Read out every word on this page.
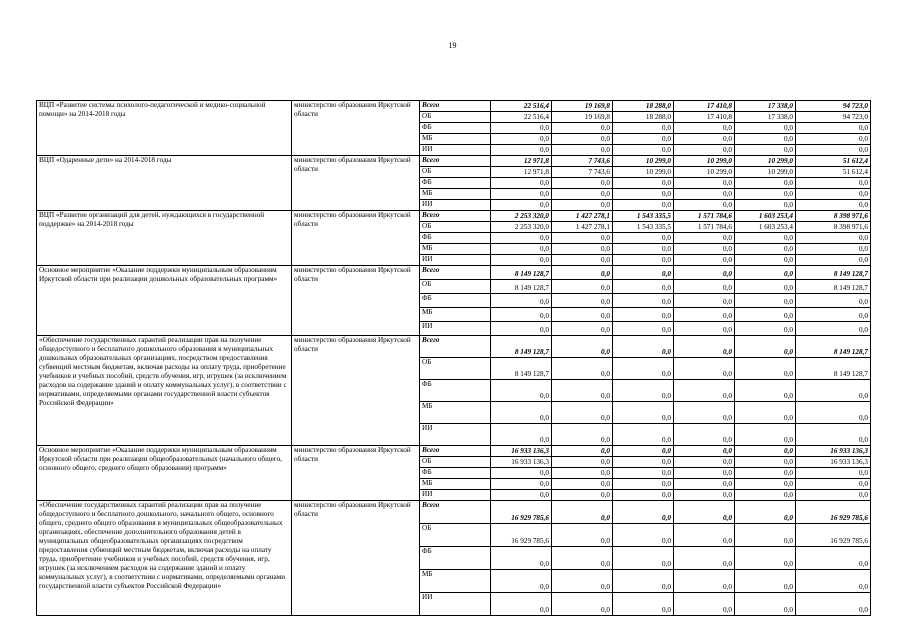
19
ВЦП «Развитие системы психолого-педагогической и медико-социальной помощи» на 2014-2018 годы	министерство образования Иркутской области	Всего	22 516,4	19 169,8	18 288,0	17 410,8	17 338,0	94 723,0
		ОБ	22 516,4	19 169,8	18 288,0	17 410,8	17 338,0	94 723,0
		ФБ	0,0	0,0	0,0	0,0	0,0	0,0
		МБ	0,0	0,0	0,0	0,0	0,0	0,0
		ИИ	0,0	0,0	0,0	0,0	0,0	0,0
ВЦП «Одаренные дети» на 2014-2018 годы	министерство образования Иркутской области	Всего	12 971,8	7 743,6	10 299,0	10 299,0	10 299,0	51 612,4
		ОБ	12 971,8	7 743,6	10 299,0	10 299,0	10 299,0	51 612,4
		ФБ	0,0	0,0	0,0	0,0	0,0	0,0
		МБ	0,0	0,0	0,0	0,0	0,0	0,0
		ИИ	0,0	0,0	0,0	0,0	0,0	0,0
ВЦП «Развитие организаций для детей, нуждающихся в государственной поддержке» на 2014-2018 годы	министерство образования Иркутской области	Всего	2 253 320,0	1 427 278,1	1 543 335,5	1 571 784,6	1 603 253,4	8 398 971,6
		ОБ	2 253 320,0	1 427 278,1	1 543 335,5	1 571 784,6	1 603 253,4	8 398 971,6
		ФБ	0,0	0,0	0,0	0,0	0,0	0,0
		МБ	0,0	0,0	0,0	0,0	0,0	0,0
		ИИ	0,0	0,0	0,0	0,0	0,0	0,0
Основное мероприятие «Оказание поддержки муниципальным образованиям Иркутской области при реализации дошкольных образовательных программ»	министерство образования Иркутской области	Всего	8 149 128,7	0,0	0,0	0,0	0,0	8 149 128,7
		ОБ	8 149 128,7	0,0	0,0	0,0	0,0	8 149 128,7
		ФБ	0,0	0,0	0,0	0,0	0,0	0,0
		МБ	0,0	0,0	0,0	0,0	0,0	0,0
		ИИ	0,0	0,0	0,0	0,0	0,0	0,0
«Обеспечение государственных гарантий реализации прав на получение общедоступного и бесплатного дошкольного образования в муниципальных дошкольных образовательных организациях, посредством предоставления субвенций местным бюджетам, включая расходы на оплату труда, приобретение учебников и учебных пособий, средств обучения, игр, игрушек (за исключением расходов на содержание зданий и оплату коммунальных услуг), в соответствии с нормативами, определяемыми органами государственной власти субъектов Российской Федерации»	министерство образования Иркутской области	Всего	8 149 128,7	0,0	0,0	0,0	0,0	8 149 128,7
		ОБ	8 149 128,7	0,0	0,0	0,0	0,0	8 149 128,7
		ФБ	0,0	0,0	0,0	0,0	0,0	0,0
		МБ	0,0	0,0	0,0	0,0	0,0	0,0
		ИИ	0,0	0,0	0,0	0,0	0,0	0,0
Основное мероприятие «Оказание поддержки муниципальным образованиям Иркутской области при реализации общеобразовательных (начального общего, основного общего, среднего общего образования) программ»	министерство образования Иркутской области	Всего	16 933 136,3	0,0	0,0	0,0	0,0	16 933 136,3
		ОБ	16 933 136,3	0,0	0,0	0,0	0,0	16 933 136,3
		ФБ	0,0	0,0	0,0	0,0	0,0	0,0
		МБ	0,0	0,0	0,0	0,0	0,0	0,0
		ИИ	0,0	0,0	0,0	0,0	0,0	0,0
«Обеспечение государственных гарантий реализации прав на получение общедоступного и бесплатного дошкольного, начального общего, основного общего, среднего общего образования в муниципальных общеобразовательных организациях, обеспечение дополнительного образования детей в муниципальных общеобразовательных организациях посредством предоставления субвенций местным бюджетам, включая расходы на оплату труда, приобретение учебников и учебных пособий, средств обучения, игр, игрушек (за исключением расходов на содержание зданий и оплату коммунальных услуг), в соответствии с нормативами, определяемыми органами государственной власти субъектов Российской Федерации»	министерство образования Иркутской области	Всего	16 929 785,6	0,0	0,0	0,0	0,0	16 929 785,6
		ОБ	16 929 785,6	0,0	0,0	0,0	0,0	16 929 785,6
		ФБ	0,0	0,0	0,0	0,0	0,0	0,0
		МБ	0,0	0,0	0,0	0,0	0,0	0,0
		ИИ	0,0	0,0	0,0	0,0	0,0	0,0
